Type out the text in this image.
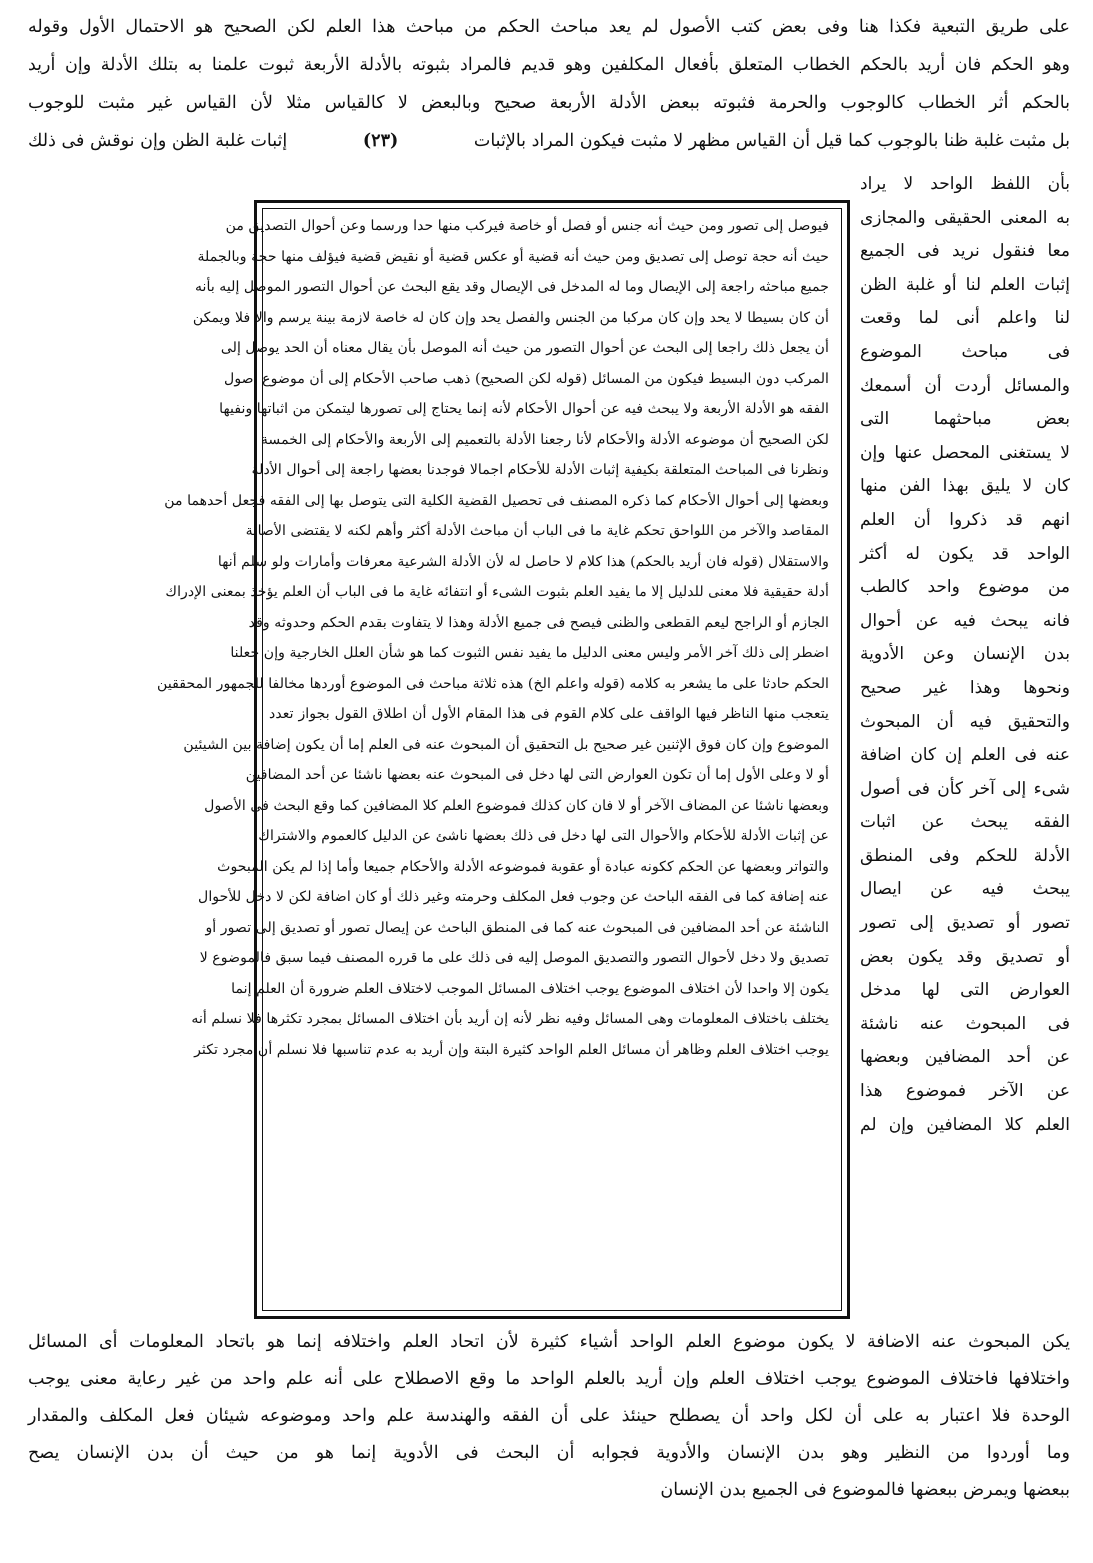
على طريق التبعية فكذا هنا وفى بعض كتب الأصول لم يعد مباحث الحكم من مباحث هذا العلم لكن الصحيح هو الاحتمال الأول وقوله
وهو الحكم فان أريد بالحكم الخطاب المتعلق بأفعال المكلفين وهو قديم فالمراد بثبوته بالأدلة الأربعة ثبوت علمنا به بتلك الأدلة وإن أريد
بالحكم أثر الخطاب كالوجوب والحرمة فثبوته ببعض الأدلة الأربعة صحيح وبالبعض لا كالقياس مثلا لأن القياس غير مثبت للوجوب
بل مثبت غلبة ظنا بالوجوب كما قيل أن القياس مظهر لا مثبت فيكون المراد بالإثبات
(٢٣)
إثبات غلبة الظن وإن نوقش فى ذلك
بأن اللفظ الواحد لا يراد
به المعنى الحقيقى والمجازى
معا فنقول نريد فى الجميع
إثبات العلم لنا أو غلبة الظن
لنا واعلم أنى لما وقعت
فى مباحث الموضوع
والمسائل أردت أن أسمعك
بعض مباحثهما التى
لا يستغنى المحصل عنها وإن
كان لا يليق بهذا الفن منها
انهم قد ذكروا أن العلم
الواحد قد يكون له أكثر
من موضوع واحد كالطب
فانه يبحث فيه عن أحوال
بدن الإنسان وعن الأدوية
ونحوها وهذا غير صحيح
والتحقيق فيه أن المبحوث
عنه فى العلم إن كان اضافة
شىء إلى آخر كأن فى أصول
الفقه يبحث عن اثبات
الأدلة للحكم وفى المنطق
يبحث فيه عن ايصال
تصور أو تصديق إلى تصور
أو تصديق وقد يكون بعض
العوارض التى لها مدخل
فى المبحوث عنه ناشئة
عن أحد المضافين وبعضها
عن الآخر فموضوع هذا
العلم كلا المضافين وإن لم
فيوصل إلى تصور ومن حيث أنه جنس أو فصل أو خاصة فيركب منها حدا ورسما وعن أحوال التصديق من
حيث أنه حجة توصل إلى تصديق ومن حيث أنه قضية أو عكس قضية أو نقيض قضية فيؤلف منها حجة وبالجملة
جميع مباحثه راجعة إلى الإيصال وما له المدخل فى الإيصال وقد يقع البحث عن أحوال التصور الموصل إليه بأنه
أن كان بسيطا لا يحد وإن كان مركبا من الجنس والفصل يحد وإن كان له خاصة لازمة بينة يرسم والا فلا ويمكن
أن يجعل ذلك راجعا إلى البحث عن أحوال التصور من حيث أنه الموصل بأن يقال معناه أن الحد يوصل إلى
المركب دون البسيط فيكون من المسائل (قوله لكن الصحيح) ذهب صاحب الأحكام إلى أن موضوع أصول
الفقه هو الأدلة الأربعة ولا يبحث فيه عن أحوال الأحكام لأنه إنما يحتاج إلى تصورها ليتمكن من اثباتها ونفيها
لكن الصحيح أن موضوعه الأدلة والأحكام لأنا رجعنا الأدلة بالتعميم إلى الأربعة والأحكام إلى الخمسة
ونظرنا فى المباحث المتعلقة بكيفية إثبات الأدلة للأحكام اجمالا فوجدنا بعضها راجعة إلى أحوال الأدلة
وبعضها إلى أحوال الأحكام كما ذكره المصنف فى تحصيل القضية الكلية التى يتوصل بها إلى الفقه فجعل أحدهما من
المقاصد والآخر من اللواحق تحكم غاية ما فى الباب أن مباحث الأدلة أكثر وأهم لكنه لا يقتضى الأصالة
والاستقلال (قوله فان أريد بالحكم) هذا كلام لا حاصل له لأن الأدلة الشرعية معرفات وأمارات ولو سلم أنها
أدلة حقيقية فلا معنى للدليل إلا ما يفيد العلم بثبوت الشىء أو انتفائه غاية ما فى الباب أن العلم يؤخذ بمعنى الإدراك
الجازم أو الراجح ليعم القطعى والظنى فيصح فى جميع الأدلة وهذا لا يتفاوت بقدم الحكم وحدوثه وقد
اضطر إلى ذلك آخر الأمر وليس معنى الدليل ما يفيد نفس الثبوت كما هو شأن العلل الخارجية وإن جعلنا
الحكم حادثا على ما يشعر به كلامه (قوله واعلم الخ) هذه ثلاثة مباحث فى الموضوع أوردها مخالفا للجمهور المحققين
يتعجب منها الناظر فيها الواقف على كلام القوم فى هذا المقام الأول أن اطلاق القول بجواز تعدد
الموضوع وإن كان فوق الإثنين غير صحيح بل التحقيق أن المبحوث عنه فى العلم إما أن يكون إضافة بين الشيئين
أو لا وعلى الأول إما أن تكون العوارض التى لها دخل فى المبحوث عنه بعضها ناشئا عن أحد المضافين
وبعضها ناشئا عن المضاف الآخر أو لا فان كان كذلك فموضوع العلم كلا المضافين كما وقع البحث فى الأصول
عن إثبات الأدلة للأحكام والأحوال التى لها دخل فى ذلك بعضها ناشئ عن الدليل كالعموم والاشتراك
والتواتر وبعضها عن الحكم ككونه عبادة أو عقوبة فموضوعه الأدلة والأحكام جميعا وأما إذا لم يكن المبحوث
عنه إضافة كما فى الفقه الباحث عن وجوب فعل المكلف وحرمته وغير ذلك أو كان اضافة لكن لا دخل للأحوال
الناشئة عن أحد المضافين فى المبحوث عنه كما فى المنطق الباحث عن إيصال تصور أو تصديق إلى تصور أو
تصديق ولا دخل لأحوال التصور والتصديق الموصل إليه فى ذلك على ما قرره المصنف فيما سبق فالموضوع لا
يكون إلا واحدا لأن اختلاف الموضوع يوجب اختلاف المسائل الموجب لاختلاف العلم ضرورة أن العلم إنما
يختلف باختلاف المعلومات وهى المسائل وفيه نظر لأنه إن أريد بأن اختلاف المسائل بمجرد تكثرها فلا نسلم أنه
يوجب اختلاف العلم وظاهر أن مسائل العلم الواحد كثيرة البتة وإن أريد به عدم تناسبها فلا نسلم أن مجرد تكثر
يكن المبحوث عنه الاضافة لا يكون موضوع العلم الواحد أشياء كثيرة لأن اتحاد العلم واختلافه إنما هو باتحاد المعلومات أى المسائل
واختلافها فاختلاف الموضوع يوجب اختلاف العلم وإن أريد بالعلم الواحد ما وقع الاصطلاح على أنه علم واحد من غير رعاية معنى يوجب
الوحدة فلا اعتبار به على أن لكل واحد أن يصطلح حينئذ على أن الفقه والهندسة علم واحد وموضوعه شيئان فعل المكلف والمقدار
وما أوردوا من النظير وهو بدن الإنسان والأدوية فجوابه أن البحث فى الأدوية إنما هو من حيث أن بدن الإنسان يصح
ببعضها ويمرض ببعضها فالموضوع فى الجميع بدن الإنسان
